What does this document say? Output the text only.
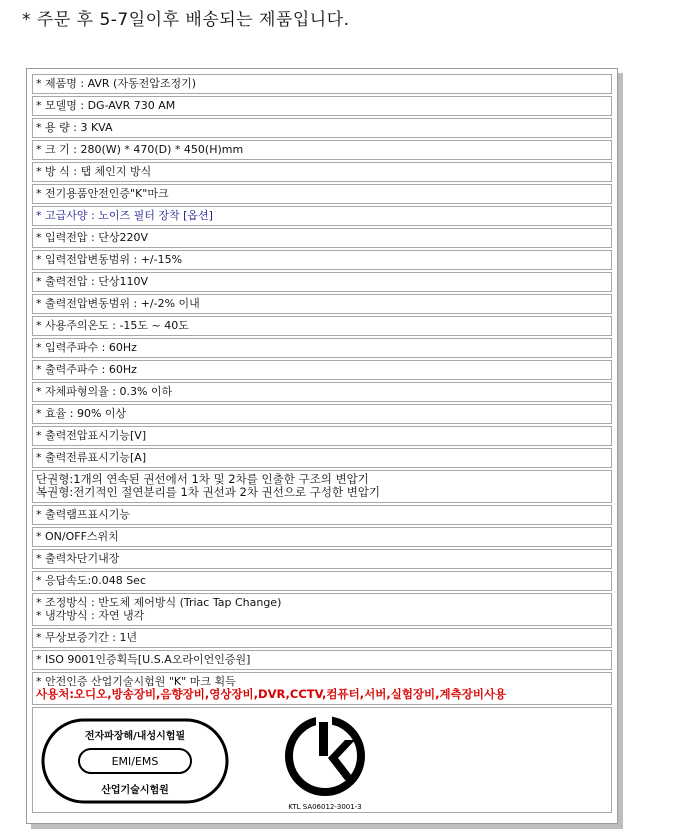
* 주문 후 5-7일이후 배송되는 제품입니다.
* 제품명 : AVR (자동전압조정기)
* 모델명 : DG-AVR 730 AM
* 용 량 : 3 KVA
* 크 기 : 280(W) * 470(D) * 450(H)mm
* 방 식 : 탭 체인지 방식
* 전기용품안전인증"K"마크
* 고급사양 : 노이즈 필터 장착 [옵션]
* 입력전압 : 단상220V
* 입력전압변동범위 : +/-15%
* 출력전압 : 단상110V
* 출력전압변동범위 : +/-2% 이내
* 사용주의온도 : -15도 ~ 40도
* 입력주파수 : 60Hz
* 출력주파수 : 60Hz
* 자체파형의율 : 0.3% 이하
* 효율 : 90% 이상
* 출력전압표시기능[V]
* 출력전류표시기능[A]
단권형:1개의 연속된 권선에서 1차 및 2차를 인출한 구조의 변압기
복권형:전기적인 절연분리를 1차 권선과 2차 권선으로 구성한 변압기
* 출력램프표시기능
* ON/OFF스위치
* 출력차단기내장
* 응답속도:0.048 Sec
* 조정방식 : 반도체 제어방식 (Triac Tap Change)
* 냉각방식 : 자연 냉각
* 무상보증기간 : 1년
* ISO 9001인증획득[U.S.A오라이언인증원]
* 안전인증 산업기술시험원 "K" 마크 획득
사용처:오디오,방송장비,음향장비,영상장비,DVR,CCTV,컴퓨터,서버,실험장비,계측장비사용
전자파장해/내성시험필
EMI/EMS
산업기술시험원
KTL SA06012-3001-3
